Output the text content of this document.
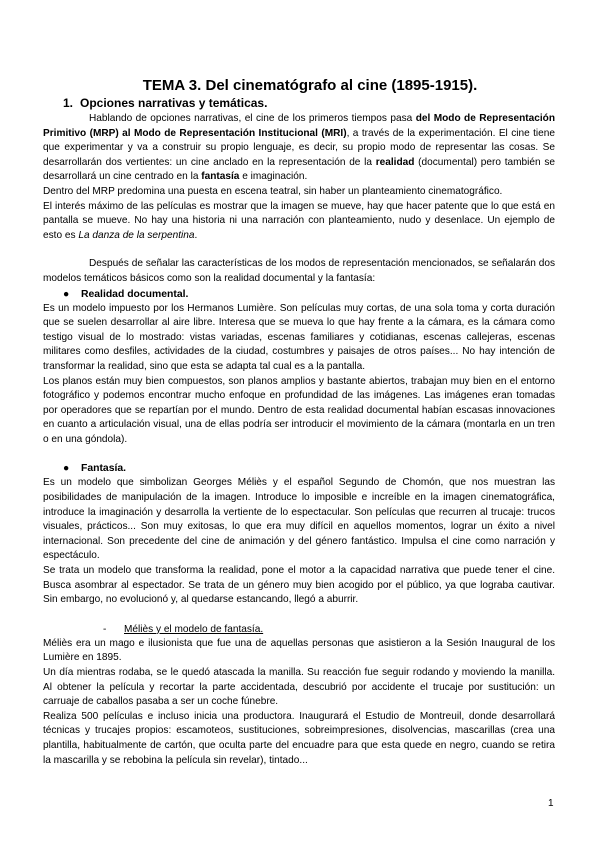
TEMA 3. Del cinematógrafo al cine (1895-1915).
1. Opciones narrativas y temáticas.

Hablando de opciones narrativas, el cine de los primeros tiempos pasa del Modo de Representación Primitivo (MRP) al Modo de Representación Institucional (MRI), a través de la experimentación. El cine tiene que experimentar y va a construir su propio lenguaje, es decir, su propio modo de representar las cosas. Se desarrollarán dos vertientes: un cine anclado en la representación de la realidad (documental) pero también se desarrollará un cine centrado en la fantasía e imaginación.

Dentro del MRP predomina una puesta en escena teatral, sin haber un planteamiento cinematográfico.

El interés máximo de las películas es mostrar que la imagen se mueve, hay que hacer patente que lo que está en pantalla se mueve. No hay una historia ni una narración con planteamiento, nudo y desenlace. Un ejemplo de esto es La danza de la serpentina.

Después de señalar las características de los modos de representación mencionados, se señalarán dos modelos temáticos básicos como son la realidad documental y la fantasía:

● Realidad documental.

Es un modelo impuesto por los Hermanos Lumière. Son películas muy cortas, de una sola toma y corta duración que se suelen desarrollar al aire libre. Interesa que se mueva lo que hay frente a la cámara, es la cámara como testigo visual de lo mostrado: vistas variadas, escenas familiares y cotidianas, escenas callejeras, escenas militares como desfiles, actividades de la ciudad, costumbres y paisajes de otros países... No hay intención de transformar la realidad, sino que esta se adapta tal cual es a la pantalla.

Los planos están muy bien compuestos, son planos amplios y bastante abiertos, trabajan muy bien en el entorno fotográfico y podemos encontrar mucho enfoque en profundidad de las imágenes. Las imágenes eran tomadas por operadores que se repartían por el mundo. Dentro de esta realidad documental habían escasas innovaciones en cuanto a articulación visual, una de ellas podría ser introducir el movimiento de la cámara (montarla en un tren o en una góndola).

● Fantasía.

Es un modelo que simbolizan Georges Méliès y el español Segundo de Chomón, que nos muestran las posibilidades de manipulación de la imagen. Introduce lo imposible e increíble en la imagen cinematográfica, introduce la imaginación y desarrolla la vertiente de lo espectacular. Son películas que recurren al trucaje: trucos visuales, prácticos... Son muy exitosas, lo que era muy difícil en aquellos momentos, lograr un éxito a nivel internacional. Son precedente del cine de animación y del género fantástico. Impulsa el cine como narración y espectáculo.

Se trata un modelo que transforma la realidad, pone el motor a la capacidad narrativa que puede tener el cine. Busca asombrar al espectador. Se trata de un género muy bien acogido por el público, ya que lograba cautivar. Sin embargo, no evolucionó y, al quedarse estancando, llegó a aburrir.

- Méliès y el modelo de fantasía.

Méliès era un mago e ilusionista que fue una de aquellas personas que asistieron a la Sesión Inaugural de los Lumière en 1895.

Un día mientras rodaba, se le quedó atascada la manilla. Su reacción fue seguir rodando y moviendo la manilla. Al obtener la película y recortar la parte accidentada, descubrió por accidente el trucaje por sustitución: un carruaje de caballos pasaba a ser un coche fúnebre.

Realiza 500 películas e incluso inicia una productora. Inaugurará el Estudio de Montreuil, donde desarrollará técnicas y trucajes propios: escamoteos, sustituciones, sobreimpresiones, disolvencias, mascarillas (crea una plantilla, habitualmente de cartón, que oculta parte del encuadre para que esta quede en negro, cuando se retira la mascarilla y se rebobina la película sin revelar), tintado...

1
